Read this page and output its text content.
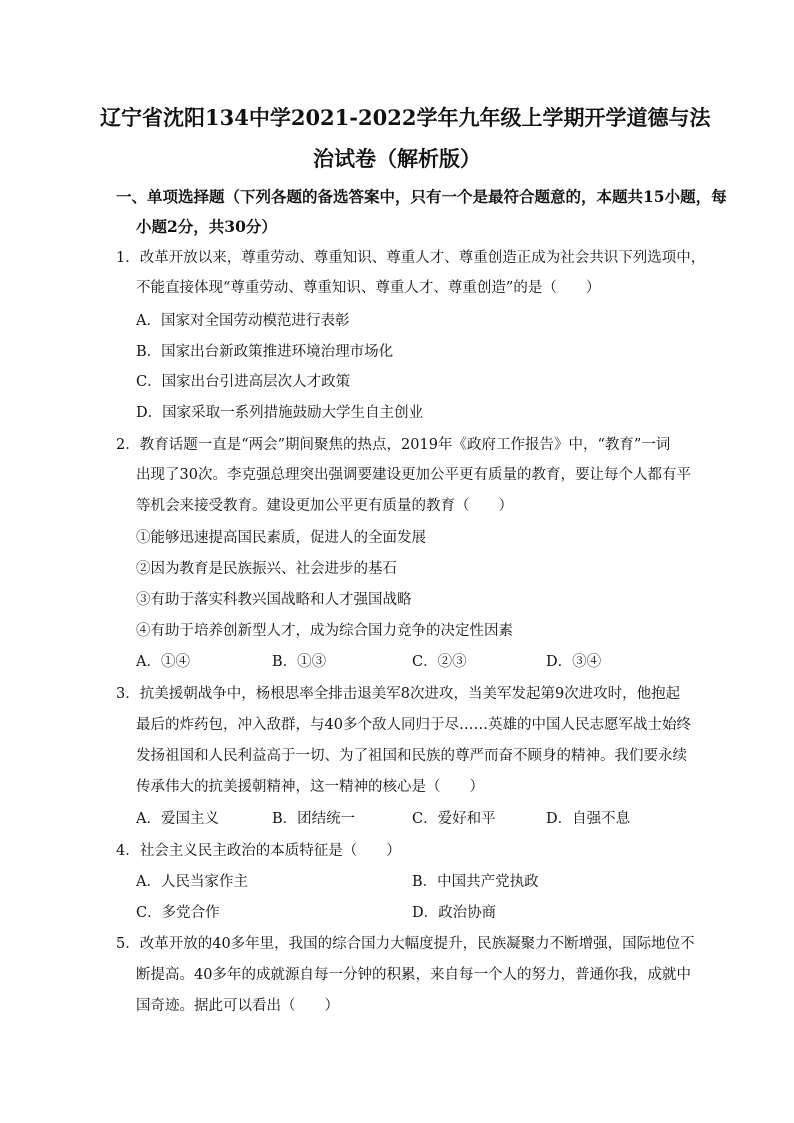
辽宁省沈阳134中学2021-2022学年九年级上学期开学道德与法
治试卷（解析版）
一、单项选择题（下列各题的备选答案中，只有一个是最符合题意的，本题共15小题，每
小题2分，共30分）
1．改革开放以来，尊重劳动、尊重知识、尊重人才、尊重创造正成为社会共识下列选项中，
不能直接体现“尊重劳动、尊重知识、尊重人才、尊重创造”的是（　　）
A．国家对全国劳动模范进行表彰
B．国家出台新政策推进环境治理市场化
C．国家出台引进高层次人才政策
D．国家采取一系列措施鼓励大学生自主创业
2．教育话题一直是“两会”期间聚焦的热点，2019年《政府工作报告》中，“教育”一词
出现了30次。李克强总理突出强调要建设更加公平更有质量的教育，要让每个人都有平
等机会来接受教育。建设更加公平更有质量的教育（　　）
①能够迅速提高国民素质，促进人的全面发展
②因为教育是民族振兴、社会进步的基石
③有助于落实科教兴国战略和人才强国战略
④有助于培养创新型人才，成为综合国力竞争的决定性因素
A．①④	B．①③	C．②③	D．③④
3．抗美援朝战争中，杨根思率全排击退美军8次进攻，当美军发起第9次进攻时，他抱起
最后的炸药包，冲入敌群，与40多个敌人同归于尽……英雄的中国人民志愿军战士始终
发扬祖国和人民利益高于一切、为了祖国和民族的尊严而奋不顾身的精神。我们要永续
传承伟大的抗美援朝精神，这一精神的核心是（　　）
A．爱国主义	B．团结统一	C．爱好和平	D．自强不息
4．社会主义民主政治的本质特征是（　　）
A．人民当家作主	B．中国共产党执政
C．多党合作	D．政治协商
5．改革开放的40多年里，我国的综合国力大幅度提升，民族凝聚力不断增强，国际地位不
断提高。40多年的成就源自每一分钟的积累，来自每一个人的努力，普通你我，成就中
国奇迹。据此可以看出（　　）
